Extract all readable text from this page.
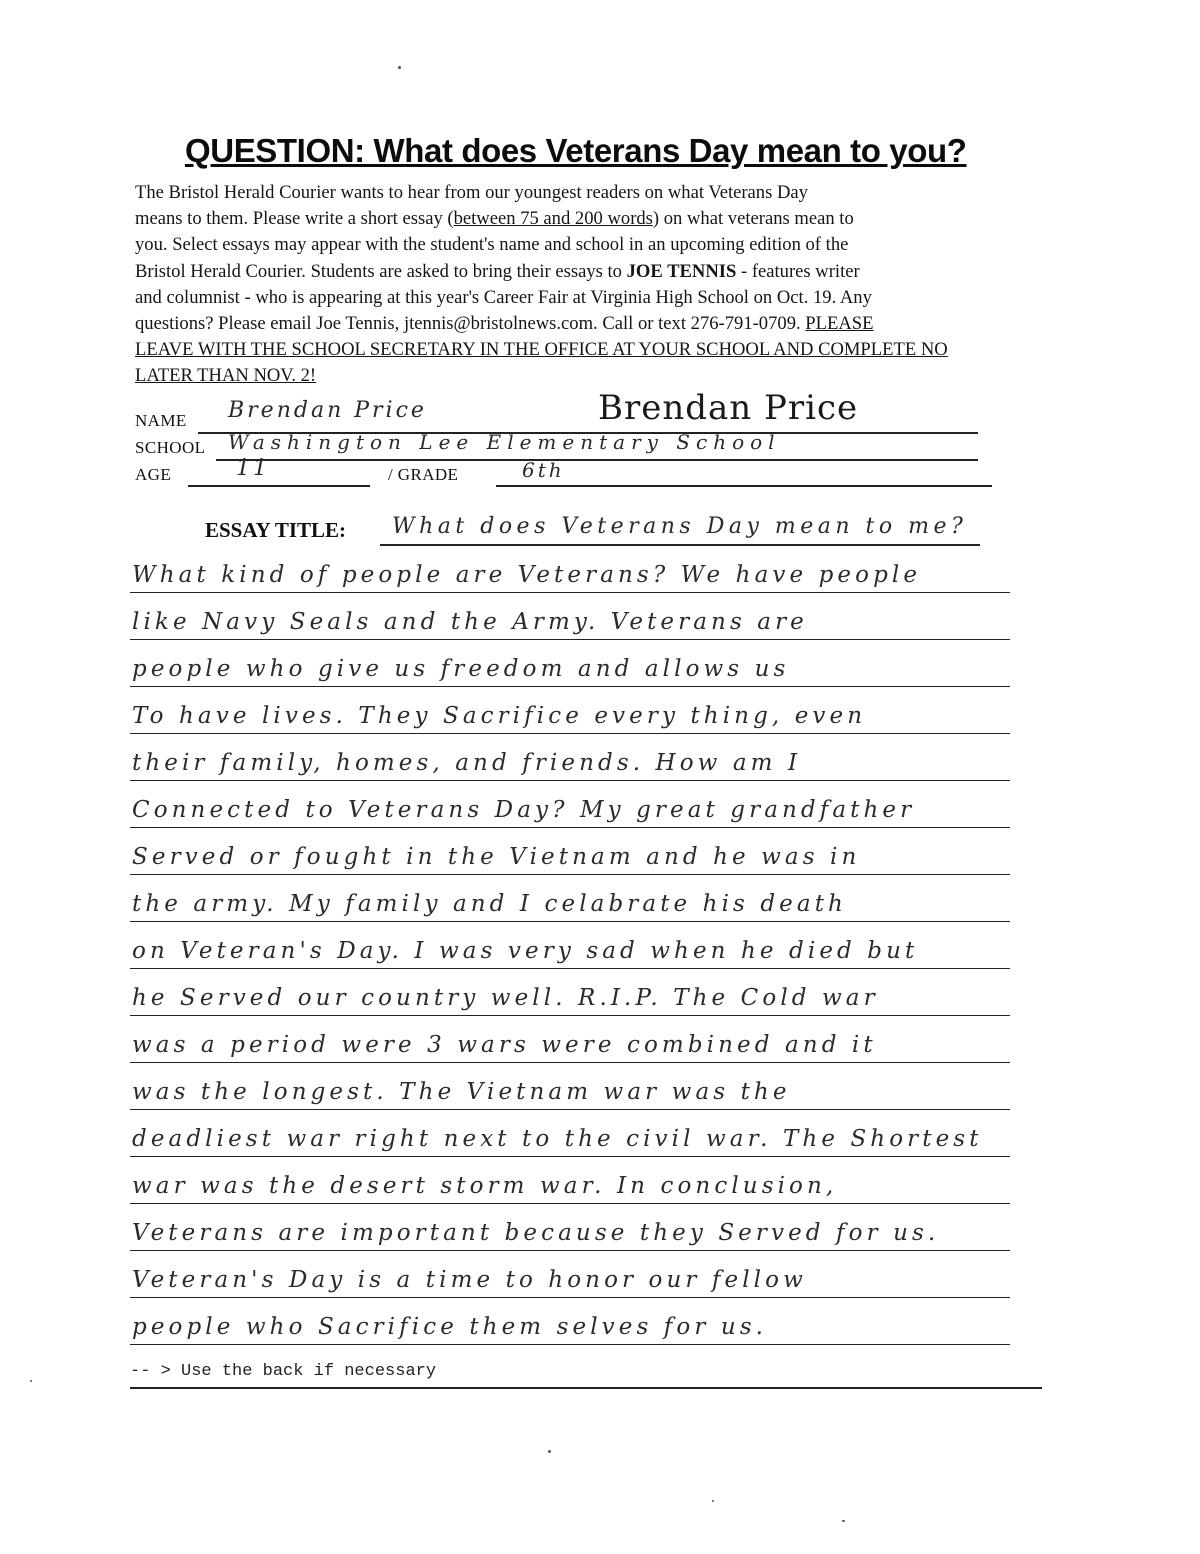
QUESTION: What does Veterans Day mean to you?
The Bristol Herald Courier wants to hear from our youngest readers on what Veterans Day
means to them. Please write a short essay (between 75 and 200 words) on what veterans mean to
you. Select essays may appear with the student's name and school in an upcoming edition of the
Bristol Herald Courier. Students are asked to bring their essays to JOE TENNIS - features writer
and columnist - who is appearing at this year's Career Fair at Virginia High School on Oct. 19. Any
questions? Please email Joe Tennis, jtennis@bristolnews.com. Call or text 276-791-0709. PLEASE
LEAVE WITH THE SCHOOL SECRETARY IN THE OFFICE AT YOUR SCHOOL AND COMPLETE NO
LATER THAN NOV. 2!
NAME Brendan Price	Brendan Price
SCHOOL Washington Lee Elementary School
AGE	11	/ GRADE	6th
ESSAY TITLE: What does Veterans Day mean to me?
What kind of people are Veterans? We have people
like Navy Seals and the Army. Veterans are
people who give us freedom and allows us
To have lives. They Sacrifice every thing, even
their family, homes, and friends. How am I
Connected to Veterans Day? My great grandfather
Served or fought in the Vietnam and he was in
the army. My family and I celabrate his death
on Veteran's Day. I was very sad when he died but
he Served our country well. R.I.P. The Cold war
was a period were 3 wars were combined and it
was the longest. The Vietnam war was the
deadliest war right next to the civil war. The Shortest
war was the desert storm war. In conclusion,
Veterans are important because they Served for us.
Veteran's Day is a time to honor our fellow
people who Sacrifice them selves for us.
-- > Use the back if necessary
